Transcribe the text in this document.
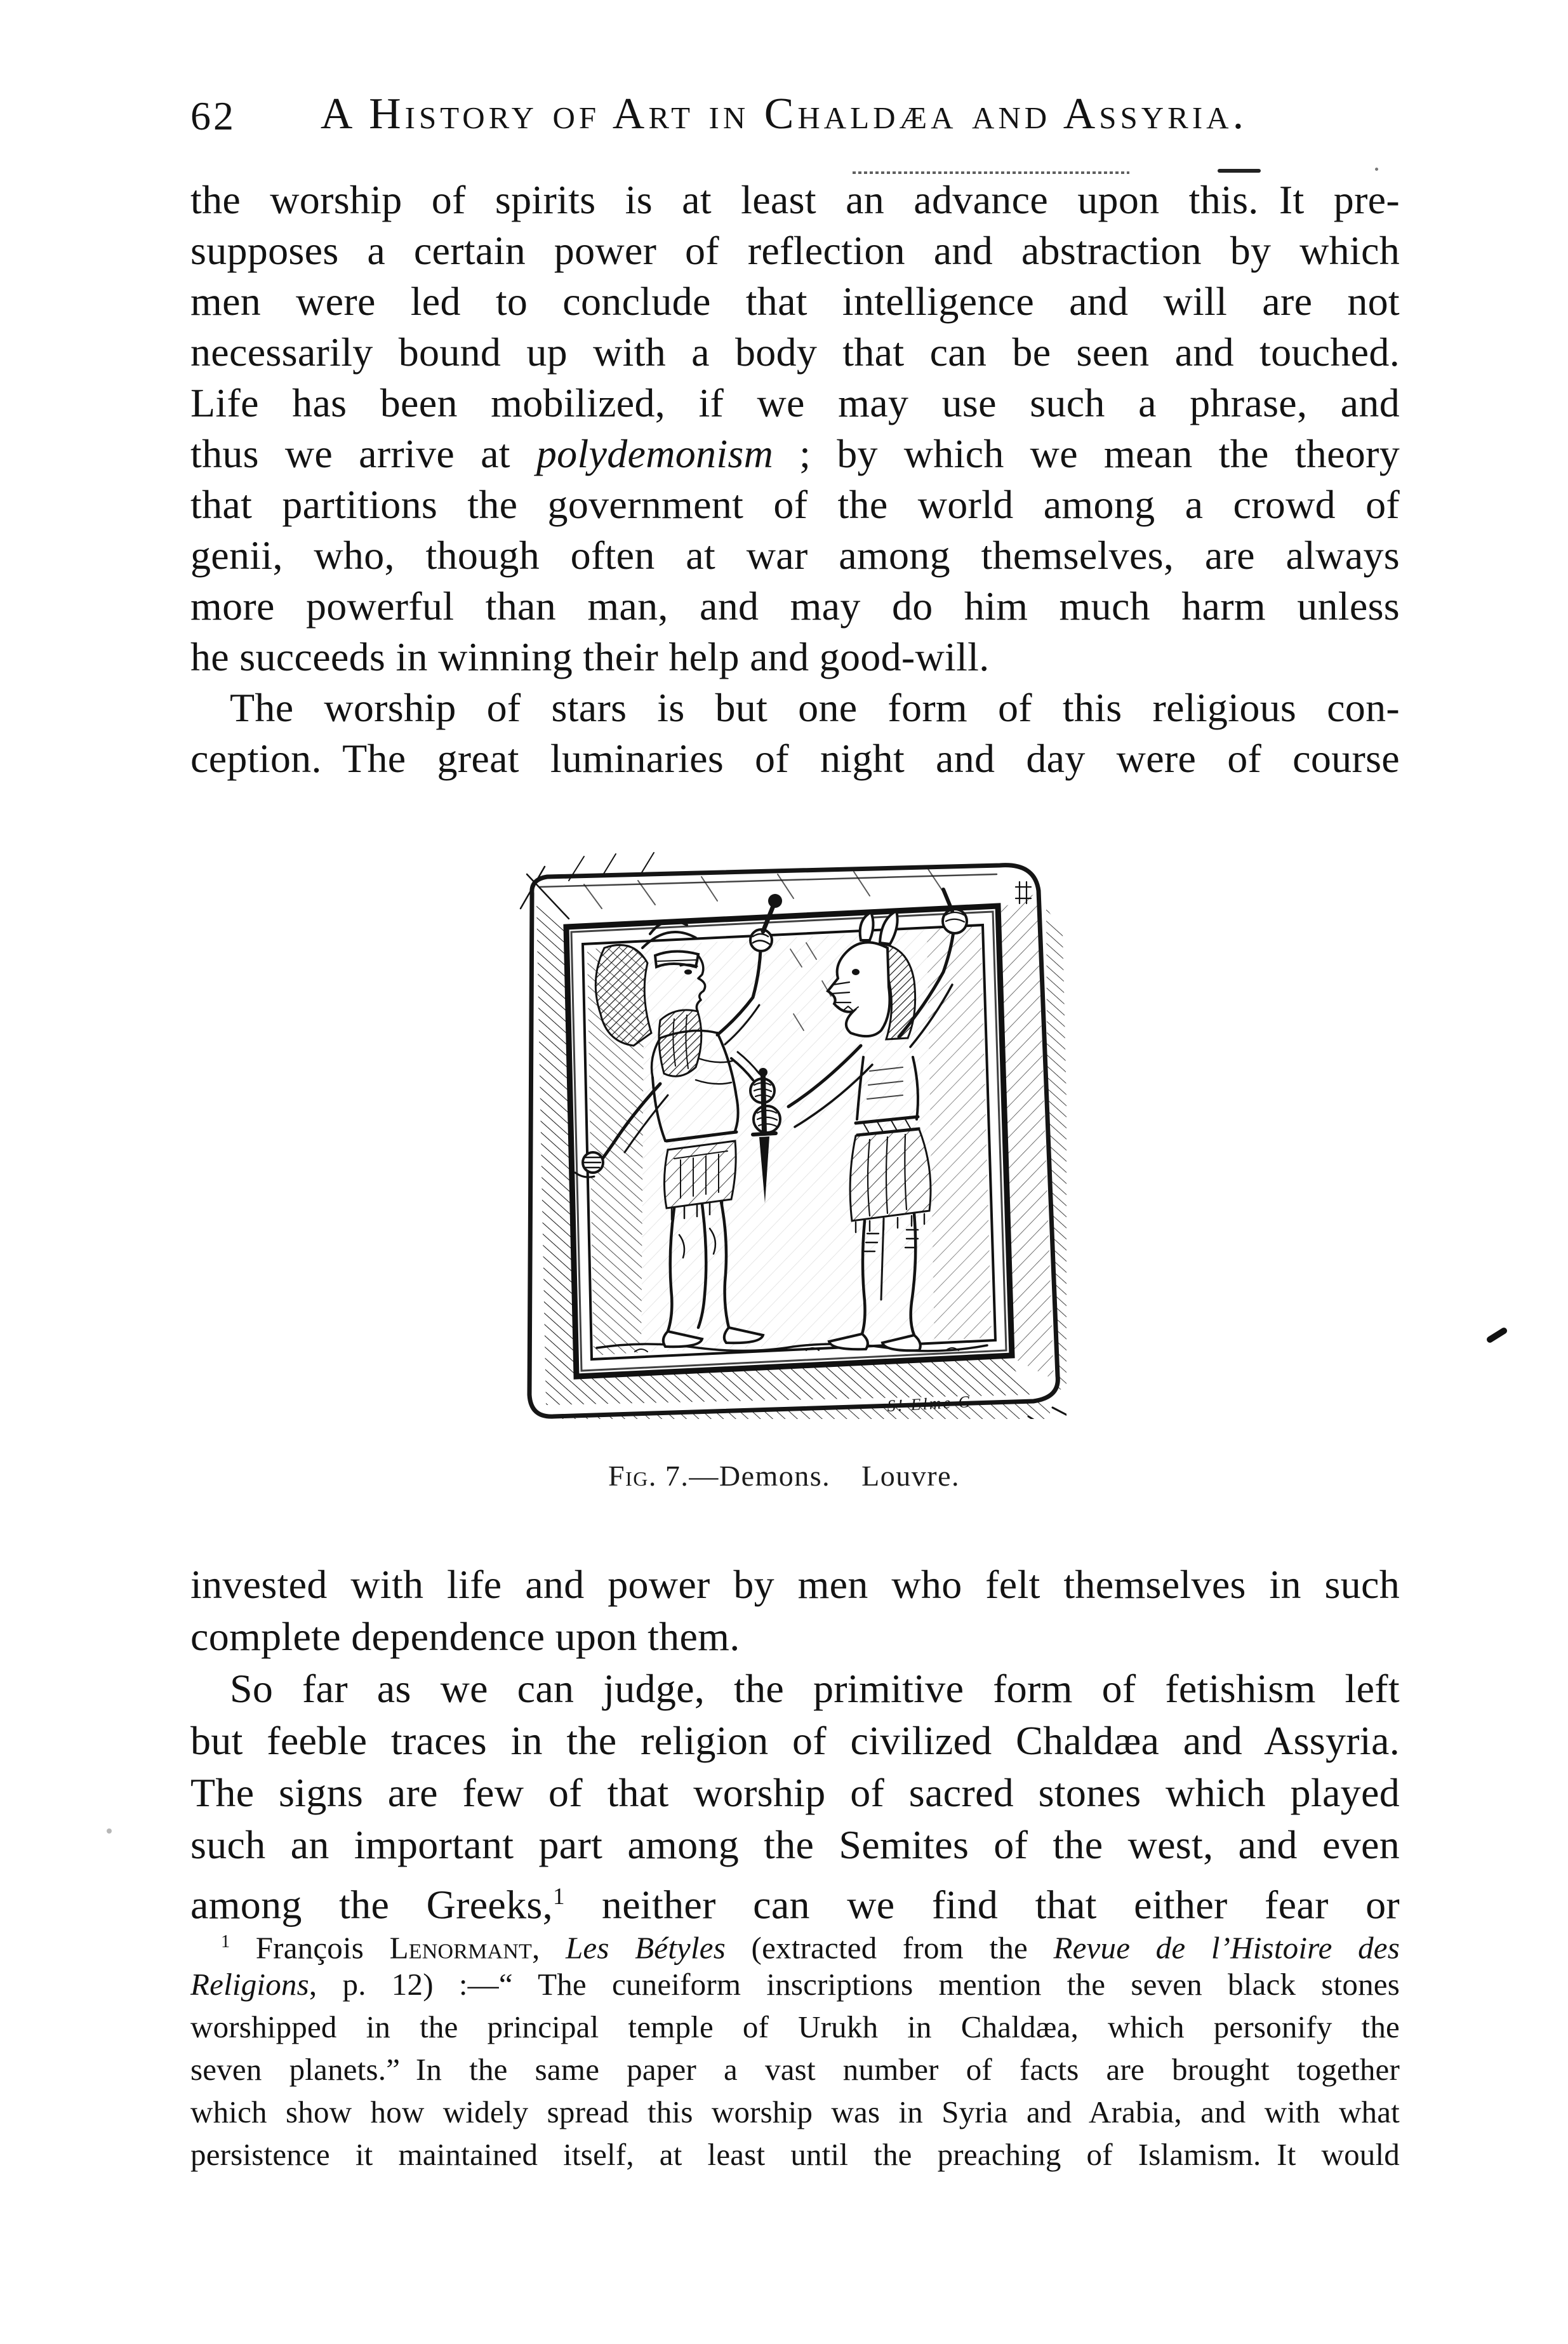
62	A History of Art in Chaldæa and Assyria.
the worship of spirits is at least an advance upon this. It pre-
supposes a certain power of reflection and abstraction by which
men were led to conclude that intelligence and will are not
necessarily bound up with a body that can be seen and touched.
Life has been mobilized, if we may use such a phrase, and
thus we arrive at polydemonism ; by which we mean the theory
that partitions the government of the world among a crowd of
genii, who, though often at war among themselves, are always
more powerful than man, and may do him much harm unless
he succeeds in winning their help and good-will.
The worship of stars is but one form of this religious con-
ception. The great luminaries of night and day were of course
S! Elme G
Fig. 7.—Demons.  Louvre.
invested with life and power by men who felt themselves in such
complete dependence upon them.
So far as we can judge, the primitive form of fetishism left
but feeble traces in the religion of civilized Chaldæa and Assyria.
The signs are few of that worship of sacred stones which played
such an important part among the Semites of the west, and even
among the Greeks,$^1$ neither can we find that either fear or
$^1$ François Lenormant, Les Bétyles (extracted from the Revue de l’Histoire des
Religions, p. 12) :—“ The cuneiform inscriptions mention the seven black stones
worshipped in the principal temple of Urukh in Chaldæa, which personify the
seven planets.” In the same paper a vast number of facts are brought together
which show how widely spread this worship was in Syria and Arabia, and with what
persistence it maintained itself, at least until the preaching of Islamism. It would
